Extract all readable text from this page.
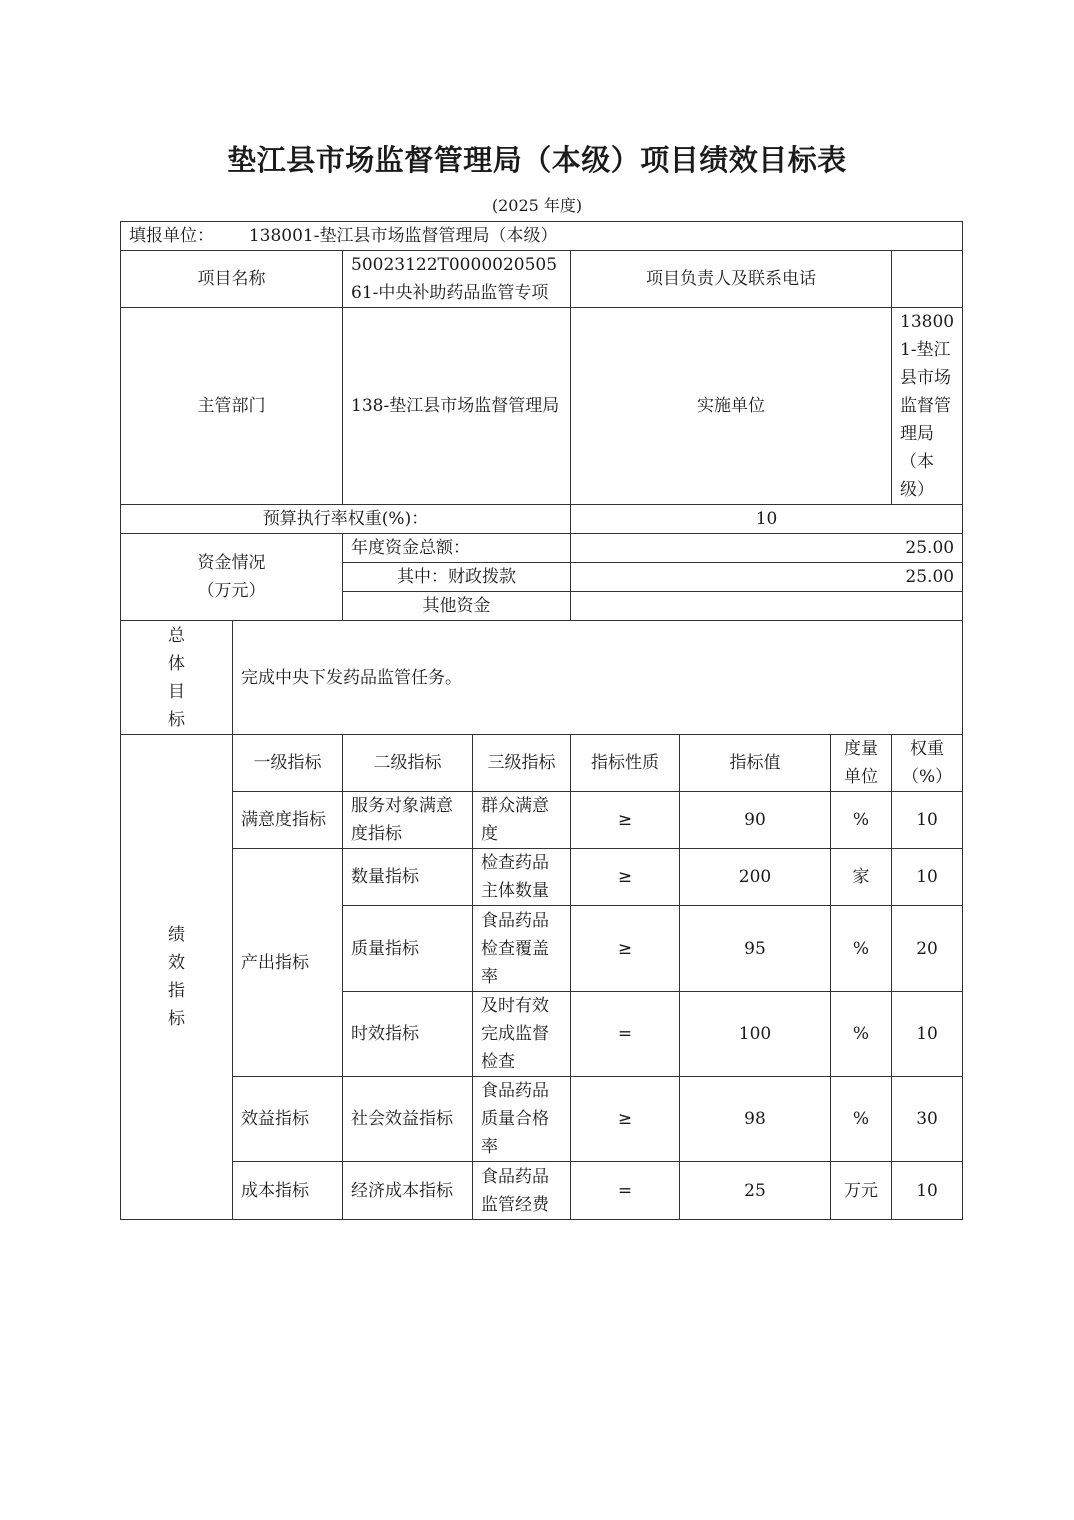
垫江县市场监督管理局（本级）项目绩效目标表
(2025 年度)
填报单位： 138001-垫江县市场监督管理局（本级）							
项目名称		50023122T000002050561-中央补助药品监管专项		项目负责人及联系电话			
主管部门		138-垫江县市场监督管理局		实施单位			138001-垫江县市场监督管理局（本级）
预算执行率权重(%)：				10			

资金情况
（万元）		年度资金总额：		25.00			
		其中：财政拨款		25.00			
		其他资金					

总
体
目
标	完成中央下发药品监管任务。						

绩
效
指
标	一级指标	二级指标	三级指标	指标性质	指标值	度量单位	权重（%）
	满意度指标	服务对象满意度指标	群众满意度	≥	90	%	10
	产出指标	数量指标	检查药品主体数量	≥	200	家	10
		质量指标	食品药品检查覆盖率	≥	95	%	20
		时效指标	及时有效完成监督检查	=	100	%	10
	效益指标	社会效益指标	食品药品质量合格率	≥	98	%	30
	成本指标	经济成本指标	食品药品监管经费	=	25	万元	10
